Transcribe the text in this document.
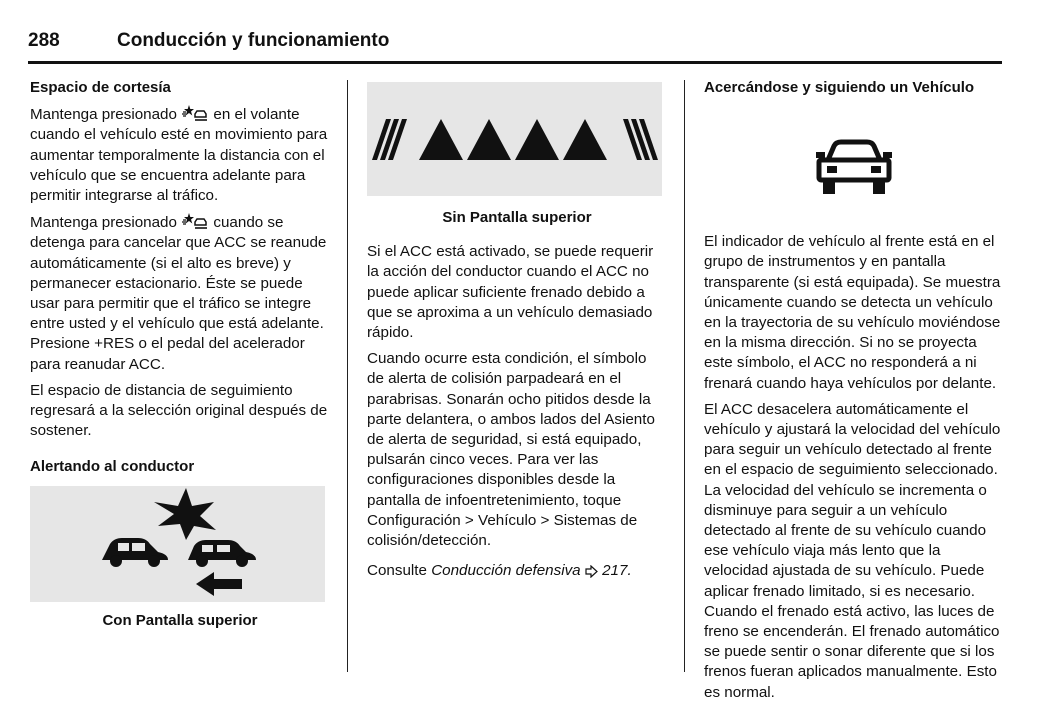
288	Conducción y funcionamiento

Espacio de cortesía

Mantenga presionado en el volante cuando el vehículo esté en movimiento para aumentar temporalmente la distancia con el vehículo que se encuentra adelante para permitir integrarse al tráfico.

Mantenga presionado cuando se detenga para cancelar que ACC se reanude automáticamente (si el alto es breve) y permanecer estacionario. Éste se puede usar para permitir que el tráfico se integre entre usted y el vehículo que está adelante. Presione +RES o el pedal del acelerador para reanudar ACC.

El espacio de distancia de seguimiento regresará a la selección original después de sostener.

Alertando al conductor

Con Pantalla superior

Sin Pantalla superior

Si el ACC está activado, se puede requerir la acción del conductor cuando el ACC no puede aplicar suficiente frenado debido a que se aproxima a un vehículo demasiado rápido.

Cuando ocurre esta condición, el símbolo de alerta de colisión parpadeará en el parabrisas. Sonarán ocho pitidos desde la parte delantera, o ambos lados del Asiento de alerta de seguridad, si está equipado, pulsarán cinco veces. Para ver las configuraciones disponibles desde la pantalla de infoentretenimiento, toque Configuración > Vehículo > Sistemas de colisión/detección.

Consulte Conducción defensiva 217.

Acercándose y siguiendo un Vehículo

El indicador de vehículo al frente está en el grupo de instrumentos y en pantalla transparente (si está equipada). Se muestra únicamente cuando se detecta un vehículo en la trayectoria de su vehículo moviéndose en la misma dirección. Si no se proyecta este símbolo, el ACC no responderá a ni frenará cuando haya vehículos por delante.

El ACC desacelera automáticamente el vehículo y ajustará la velocidad del vehículo para seguir un vehículo detectado al frente en el espacio de seguimiento seleccionado. La velocidad del vehículo se incrementa o disminuye para seguir a un vehículo detectado al frente de su vehículo cuando ese vehículo viaja más lento que la velocidad ajustada de su vehículo. Puede aplicar frenado limitado, si es necesario. Cuando el frenado está activo, las luces de freno se encenderán. El frenado automático se puede sentir o sonar diferente que si los frenos fueran aplicados manualmente. Esto es normal.
